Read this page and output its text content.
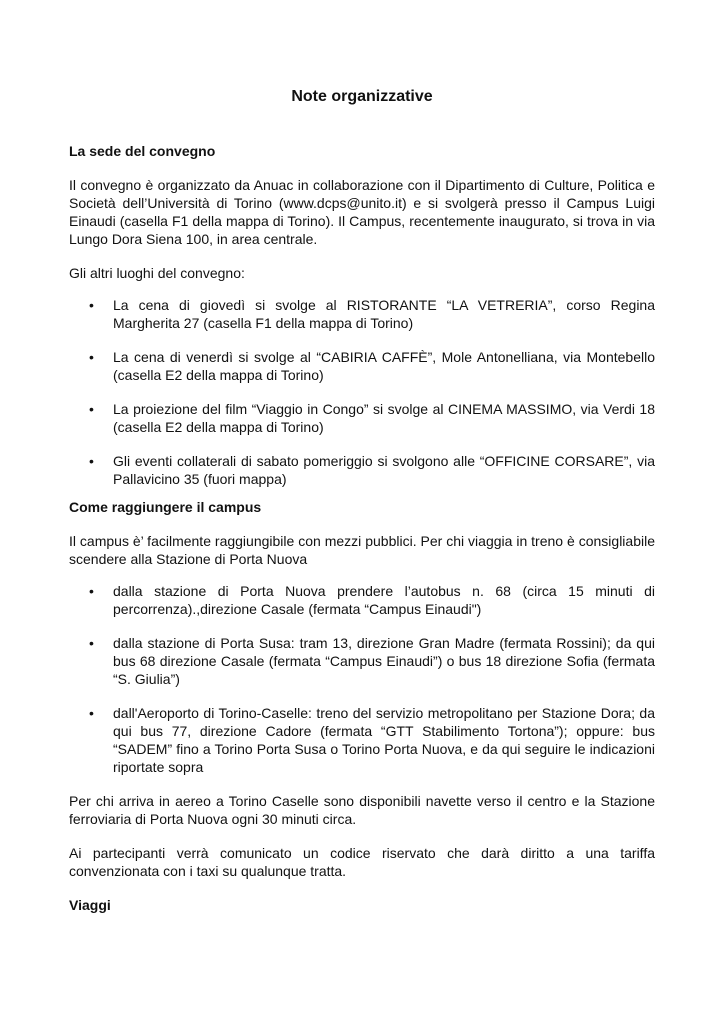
Note organizzative

La sede del convegno

Il convegno è organizzato da Anuac in collaborazione con il Dipartimento di Culture, Politica e Società dell’Università di Torino (www.dcps@unito.it) e si svolgerà presso il Campus Luigi Einaudi (casella F1 della mappa di Torino). Il Campus, recentemente inaugurato, si trova in via Lungo Dora Siena 100, in area centrale.

Gli altri luoghi del convegno:

• La cena di giovedì si svolge al RISTORANTE “LA VETRERIA”, corso Regina Margherita 27 (casella F1 della mappa di Torino)
• La cena di venerdì si svolge al “CABIRIA CAFFÈ”, Mole Antonelliana, via Montebello (casella E2 della mappa di Torino)
• La proiezione del film “Viaggio in Congo” si svolge al CINEMA MASSIMO, via Verdi 18 (casella E2 della mappa di Torino)
• Gli eventi collaterali di sabato pomeriggio si svolgono alle “OFFICINE CORSARE”, via Pallavicino 35 (fuori mappa)

Come raggiungere il campus

Il campus è’ facilmente raggiungibile con mezzi pubblici. Per chi viaggia in treno è consigliabile scendere alla Stazione di Porta Nuova

• dalla stazione di Porta Nuova prendere l’autobus n. 68 (circa 15 minuti di percorrenza).,direzione Casale (fermata “Campus Einaudi")
• dalla stazione di Porta Susa: tram 13, direzione Gran Madre (fermata Rossini); da qui bus 68 direzione Casale (fermata “Campus Einaudi”) o bus 18 direzione Sofia (fermata “S. Giulia”)
• dall'Aeroporto di Torino-Caselle: treno del servizio metropolitano per Stazione Dora; da qui bus 77, direzione Cadore (fermata “GTT Stabilimento Tortona”); oppure: bus “SADEM” fino a Torino Porta Susa o Torino Porta Nuova, e da qui seguire le indicazioni riportate sopra

Per chi arriva in aereo a Torino Caselle sono disponibili navette verso il centro e la Stazione ferroviaria di Porta Nuova ogni 30 minuti circa.

Ai partecipanti verrà comunicato un codice riservato che darà diritto a una tariffa convenzionata con i taxi su qualunque tratta.

Viaggi
